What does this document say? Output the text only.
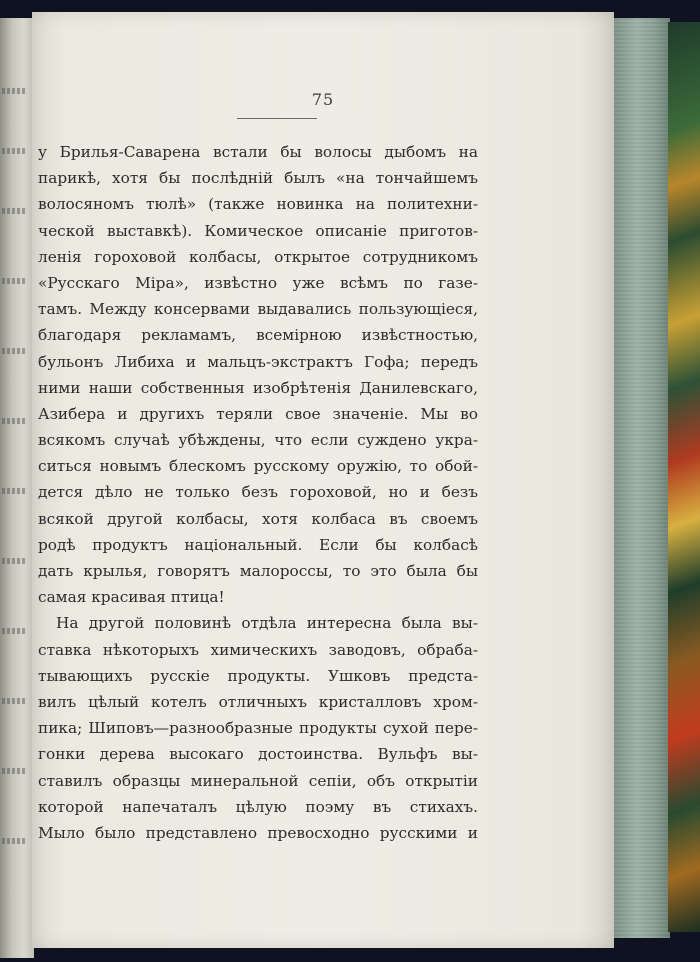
75
у Брилья-Саварена встали бы волосы дыбомъ на
парикѣ, хотя бы послѣднiй былъ «на тончайшемъ
волосяномъ тюлѣ» (также новинка на политехни-
ческой выставкѣ). Комическое описанiе приготов-
ленiя гороховой колбасы, открытое сотрудникомъ
«Русскаго Мiра», извѣстно уже всѣмъ по газе-
тамъ. Между консервами выдавались пользующiеся,
благодаря рекламамъ, всемiрною извѣстностью,
бульонъ Либиха и мальцъ-экстрактъ Гофа; передъ
ними наши собственныя изобрѣтенiя Данилевскаго,
Азибера и другихъ теряли свое значенiе. Мы во
всякомъ случаѣ убѣждены, что если суждено укра-
ситься новымъ блескомъ русскому оружiю, то обой-
дется дѣло не только безъ гороховой, но и безъ
всякой другой колбасы, хотя колбаса въ своемъ
родѣ продуктъ нацiональный. Если бы колбасѣ
дать крылья, говорятъ малороссы, то это была бы
самая красивая птица!
На другой половинѣ отдѣла интересна была вы-
ставка нѣкоторыхъ химическихъ заводовъ, обраба-
тывающихъ русскiе продукты. Ушковъ предста-
вилъ цѣлый котелъ отличныхъ кристалловъ хром-
пика; Шиповъ—разнообразные продукты сухой пере-
гонки дерева высокаго достоинства. Вульфъ вы-
ставилъ образцы минеральной сепiи, объ открытiи
которой напечаталъ цѣлую поэму въ стихахъ.
Мыло было представлено превосходно русскими и
